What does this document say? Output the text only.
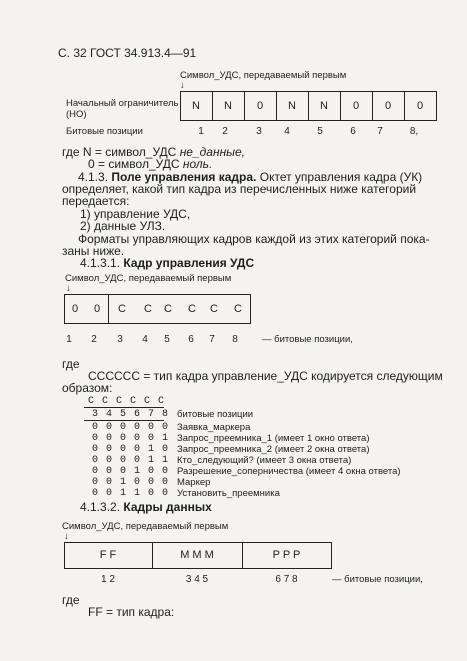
С. 32 ГОСТ 34.913.4—91
Символ_УДС, передаваемый первым
↓
Начальный ограничитель
(НО)
N	N	0	N	N	0	0	0
Битовые позиции	1	2	3	4	5	6	7	8,
где N = символ_УДС не_данные,
0 = символ_УДС ноль.
4.1.3. Поле управления кадра. Октет управления кадра (УК)
определяет, какой тип кадра из перечисленных ниже категорий
передается:
1) управление УДС,
2) данные УЛЗ.
Форматы управляющих кадров каждой из этих категорий пока-
заны ниже.
4.1.3.1. Кадр управления УДС
Символ_УДС, передаваемый первым
↓
0	0	C	C	C	C	C	C
1	2	3	4	5	6	7	8	— битовые позиции,
где
СССССС = тип кадра управление_УДС кодируется следующим
образом:
С С С С С С
3 4 5 6 7 8 битовые позиции
0 0 0 0 0 0 Заявка_маркера
0 0 0 0 0 1 Запрос_преемника_1 (имеет 1 окно ответа)
0 0 0 0 1 0 Запрос_преемника_2 (имеет 2 окна ответа)
0 0 0 0 1 1 Кто_следующий? (имеет 3 окна ответа)
0 0 0 1 0 0 Разрешение_соперничества (имеет 4 окна ответа)
0 0 1 0 0 0 Маркер
0 0 1 1 0 0 Установить_преемника
4.1.3.2. Кадры данных
Символ_УДС, передаваемый первым
↓
F F	M M M	P P P
1 2	3 4 5	6 7 8	— битовые позиции,
где
FF = тип кадра:
